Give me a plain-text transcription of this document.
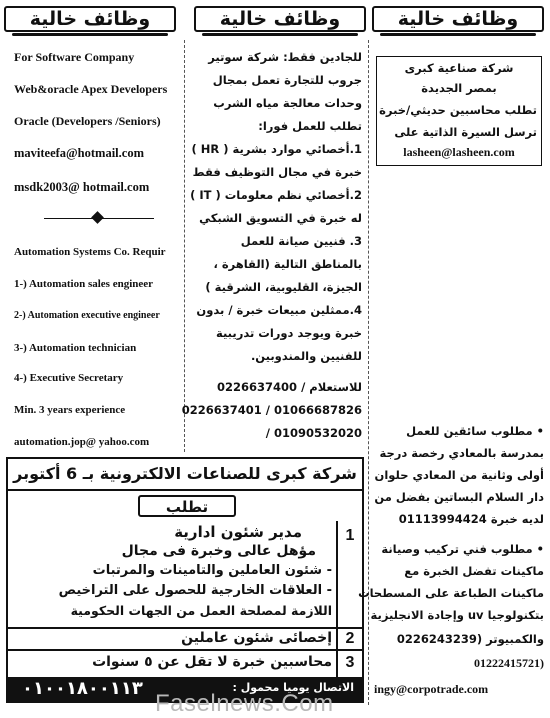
وظائف خالية	وظائف خالية	وظائف خالية
For Software Company
Web&oracle Apex Developers
Oracle (Developers /Seniors)
maviteefa@hotmail.com
msdk2003@ hotmail.com
Automation Systems Co. Requir
1-) Automation sales engineer
2-) Automation executive engineer
3-) Automation technician
4-) Executive Secretary
Min. 3 years experience
automation.jop@ yahoo.com
للجادين فقط: شركة سوتير
جروب للتجارة تعمل بمجال
وحدات معالجة مياه الشرب
تطلب للعمل فورا:
1.أخصائي موارد بشرية ( HR )
خبرة في مجال التوظيف فقط
2.أخصائي نظم معلومات ( IT )
له خبرة في التسويق الشبكي
3. فنيين صيانة للعمل
بالمناطق التالية (القاهرة ،
الجيزة، القليوبية، الشرقية )
4.ممثلين مبيعات خبرة / بدون
خبرة ويوجد دورات تدريبية
للفنيين والمندوبين.
للاستعلام / 0226637400
01066687826 / 0226637401
01090532020 /
شركة صناعية كبرى
بمصر الجديدة
تطلب محاسبين حديثي/خبرة
ترسل السيرة الذاتية على
lasheen@lasheen.com
• مطلوب سائقين للعمل
بمدرسة بالمعادي رخصة درجة
أولى وثانية من المعادي حلوان
دار السلام البساتين بفضل من
لديه خبرة 01113994424
• مطلوب فني تركيب وصيانة
ماكينات تفضل الخبرة مع
ماكينات الطباعة على المسطحات
بتكنولوجيا uv وإجادة الانجليزية
والكمبيوتر (0226243239
01222415721)
ingy@corpotrade.com
شركة كبرى للصناعات الالكترونية بـ 6 أكتوبر
تطلب
1
مدير شئون ادارية
مؤهل عالى وخبرة فى مجال
- شئون العاملين والتامينات والمرتبات
- العلاقات الخارجية للحصول على التراخيص
اللازمة لمصلحة العمل من الجهات الحكومية
2
إخصائى شئون عاملين
3
محاسبين خبرة لا تقل عن ٥ سنوات
الاتصال يوميا محمول :
٠١٠٠١٨٠٠١١٣
Faselnews.Com
